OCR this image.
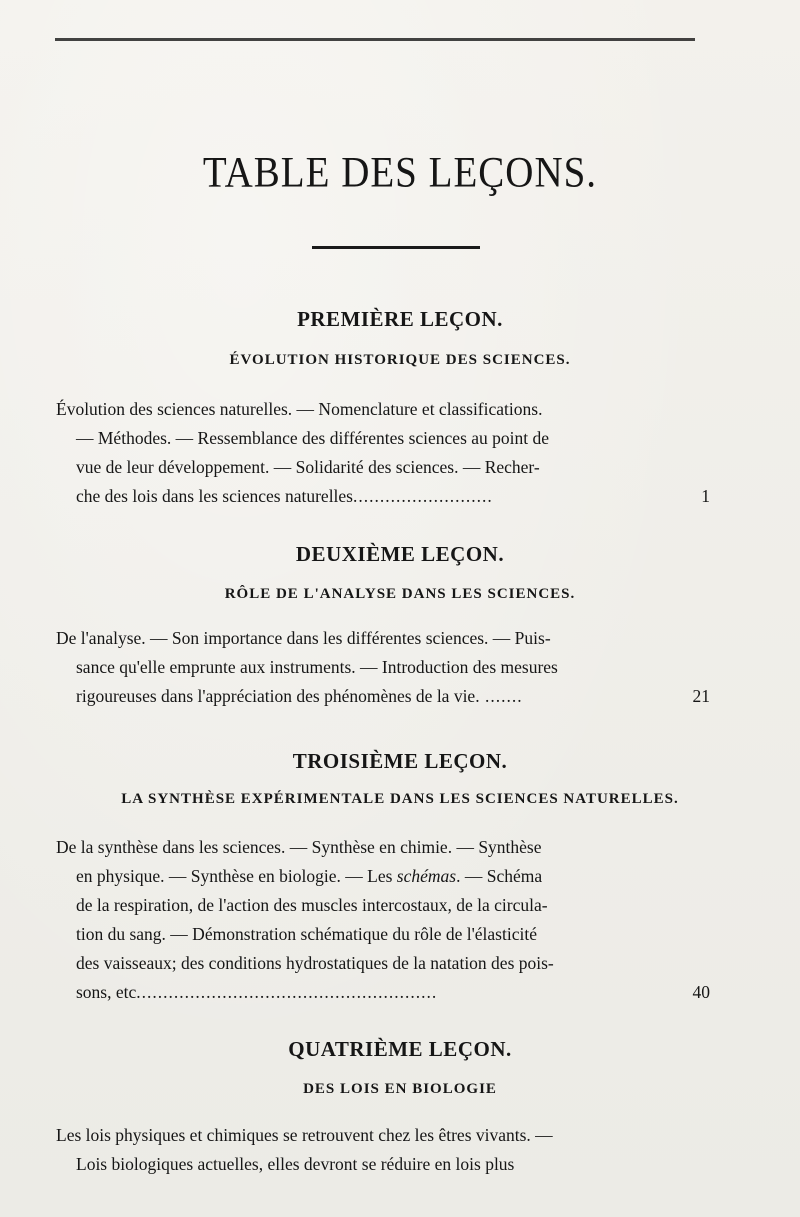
TABLE DES LEÇONS.
PREMIÈRE LEÇON.
ÉVOLUTION HISTORIQUE DES SCIENCES.
Évolution des sciences naturelles. — Nomenclature et classifications.
— Méthodes. — Ressemblance des différentes sciences au point de
vue de leur développement. — Solidarité des sciences. — Recher-
che des lois dans les sciences naturelles..........................	1
DEUXIÈME LEÇON.
RÔLE DE L'ANALYSE DANS LES SCIENCES.
De l'analyse. — Son importance dans les différentes sciences. — Puis-
sance qu'elle emprunte aux instruments. — Introduction des mesures
rigoureuses dans l'appréciation des phénomènes de la vie. .......	21
TROISIÈME LEÇON.
LA SYNTHÈSE EXPÉRIMENTALE DANS LES SCIENCES NATURELLES.
De la synthèse dans les sciences. — Synthèse en chimie. — Synthèse
en physique. — Synthèse en biologie. — Les schémas. — Schéma
de la respiration, de l'action des muscles intercostaux, de la circula-
tion du sang. — Démonstration schématique du rôle de l'élasticité
des vaisseaux; des conditions hydrostatiques de la natation des pois-
sons, etc........................................................	40
QUATRIÈME LEÇON.
DES LOIS EN BIOLOGIE
Les lois physiques et chimiques se retrouvent chez les êtres vivants. —
Lois biologiques actuelles, elles devront se réduire en lois plus
